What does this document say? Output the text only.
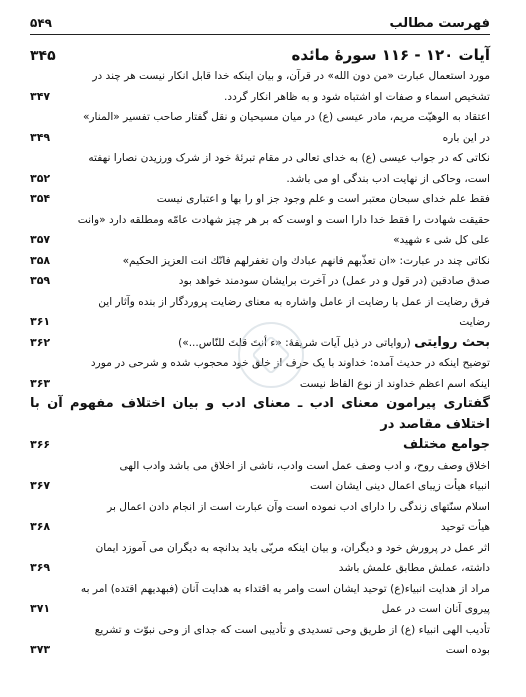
فهرست مطالب
۵۴۹
آیات ۱۲۰ - ۱۱۶ سورهٔ مائده
۳۴۵
مورد استعمال عبارت «من دون الله» در قرآن، و بیان اینکه خدا قابل انکار نیست هر چند در
تشخیص اسماء و صفات او اشتباه شود و به ظاهر انکار گردد.
۳۴۷
اعتقاد به الوهیّت مریم، مادر عیسی (ع) در میان مسیحیان و نقل گفتار صاحب تفسیر «المنار»
در این باره
۳۴۹
نکاتی که در جواب عیسی (ع) به خدای تعالی در مقام تبرئهٔ خود از شرک ورزیدن نصارا نهفته
است، وحاکی از نهایت ادب بندگی او می باشد.
۳۵۲
فقط علم خدای سبحان معتبر است و علم وجود جز او را بها و اعتباری نیست
۳۵۴
حقیقت شهادت را فقط خدا دارا است و اوست که بر هر چیز شهادت عامّه ومطلقه دارد «وانت
علی کل شی ء شهید»
۳۵۷
نکاتی چند در عبارت: «ان تعذّبهم فانهم عبادك وان تغفرلهم فانّك انت العزیز الحکیم»
۳۵۸
صدق صادقین (در قول و در عمل) در آخرت برایشان سودمند خواهد بود
۳۵۹
فرق رضایت از عمل با رضایت از عامل واشاره به معنای رضایت پروردگار از بنده وآثار این
رضایت
۳۶۱
بحث روایتی (روایاتی در ذیل آیات شریفهٔ: «ء أنتَ قلتَ للنّاس...»)
۳۶۲
توضیح اینکه در حدیث آمده: خداوند با یک حرف از خلق خود محجوب شده و شرحی در مورد
اینکه اسم اعظم خداوند از نوع الفاظ نیست
۳۶۳
گفتاری پیرامون معنای ادب ـ معنای ادب و بیان اختلاف مفهوم آن با اختلاف مقاصد در
جوامع مختلف
۳۶۶
اخلاق وصف روح، و ادب وصف عمل است وادب، ناشی از اخلاق می باشد وادب الهی
انبیاء هیأت زیبای اعمال دینی ایشان است
۳۶۷
اسلام سنّتهای زندگی را دارای ادب نموده است وآن عبارت است از انجام دادن اعمال بر
هیأت توحید
۳۶۸
اثر عمل در پرورش خود و دیگران، و بیان اینکه مربّی باید بدانچه به دیگران می آموزد ایمان
داشته، عملش مطابق علمش باشد
۳۶۹
مراد از هدایت انبیاء(ع) توحید ایشان است وامر به اقتداء به هدایت آنان (فبهدیهم اقتده) امر به
پیروی آنان است در عمل
۳۷۱
تأدیب الهی انبیاء (ع) از طریق وحی تسدیدی و تأدیبی است که جدای از وحی نبوّت و تشریع
بوده است
۳۷۳
